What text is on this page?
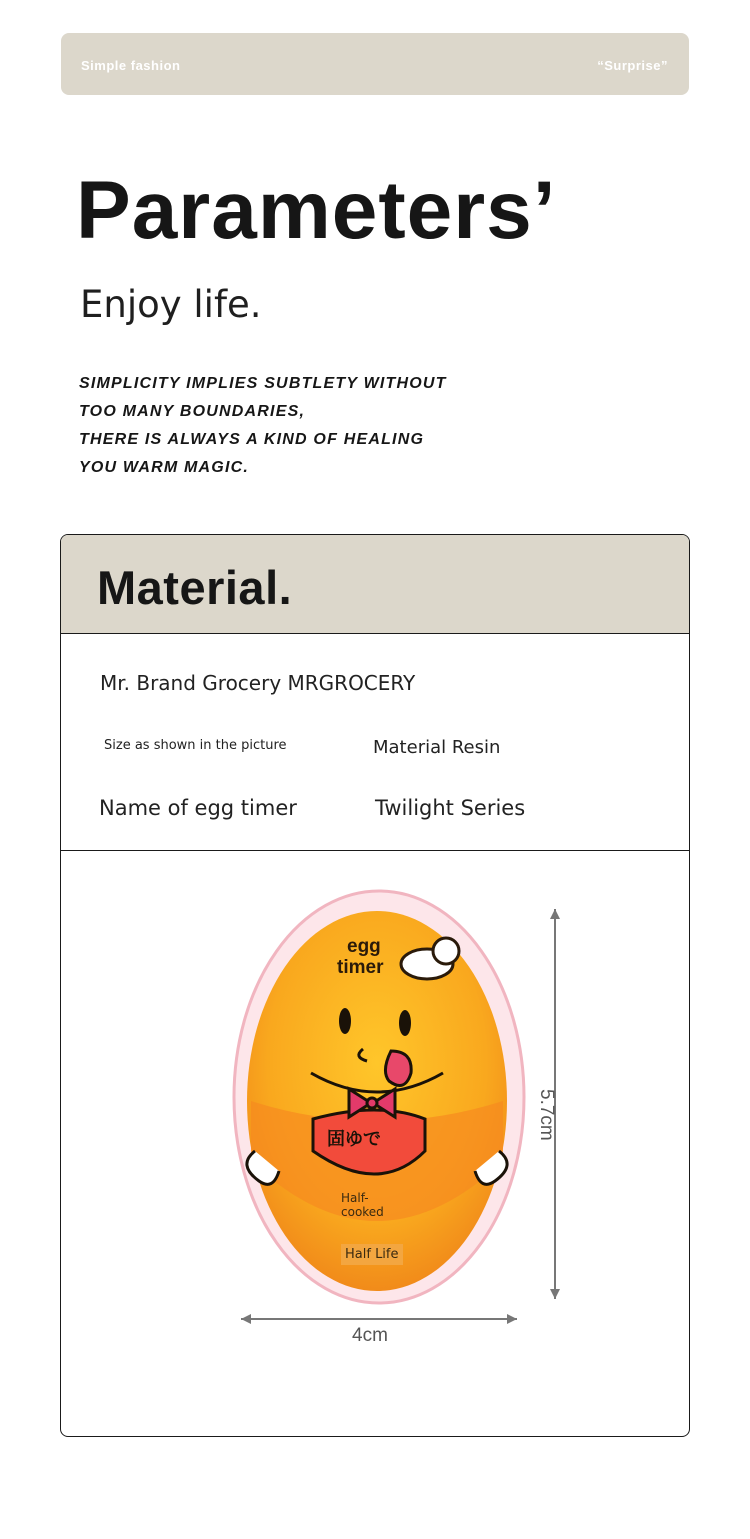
Simple fashion	“Surprise”
Parameters’
Enjoy life.
SIMPLICITY IMPLIES SUBTLETY WITHOUT
TOO MANY BOUNDARIES,
THERE IS ALWAYS A KIND OF HEALING
YOU WARM MAGIC.
Material.
Mr. Brand Grocery MRGROCERY
Size as shown in the picture	Material Resin
Name of egg timer	Twilight Series
egg
timer
固ゆで
Half-
cooked
Half Life
4cm
5.7cm
